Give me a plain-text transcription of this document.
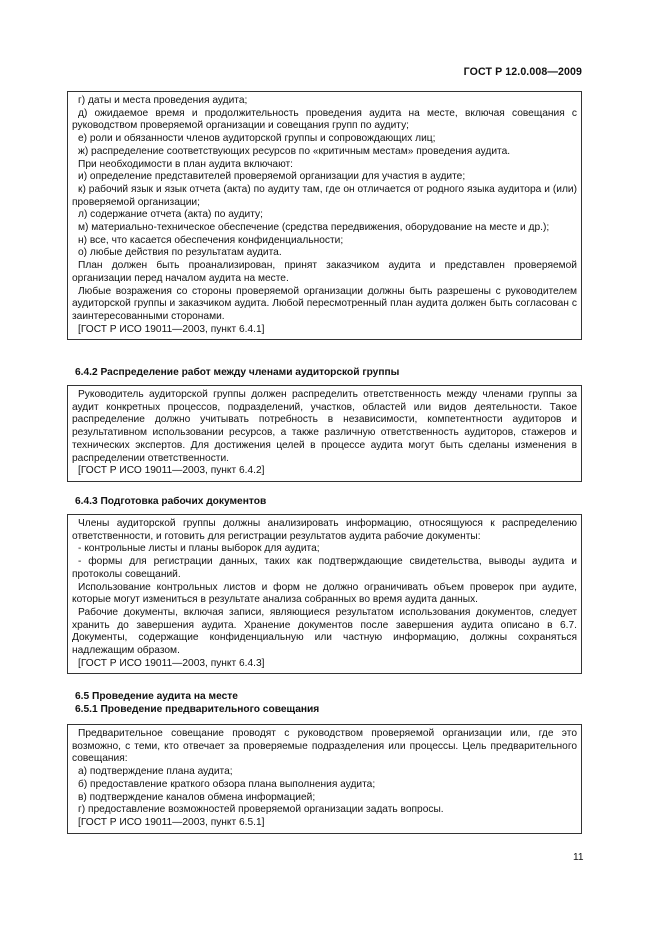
ГОСТ Р 12.0.008—2009

г) даты и места проведения аудита;

д) ожидаемое время и продолжительность проведения аудита на месте, включая совещания с руководством проверяемой организации и совещания групп по аудиту;

е) роли и обязанности членов аудиторской группы и сопровождающих лиц;

ж) распределение соответствующих ресурсов по «критичным местам» проведения аудита.

При необходимости в план аудита включают:

и) определение представителей проверяемой организации для участия в аудите;

к) рабочий язык и язык отчета (акта) по аудиту там, где он отличается от родного языка аудитора и (или) проверяемой организации;

л) содержание отчета (акта) по аудиту;

м) материально-техническое обеспечение (средства передвижения, оборудование на месте и др.);

н) все, что касается обеспечения конфиденциальности;

о) любые действия по результатам аудита.

План должен быть проанализирован, принят заказчиком аудита и представлен проверяемой организации перед началом аудита на месте.

Любые возражения со стороны проверяемой организации должны быть разрешены с руководителем аудиторской группы и заказчиком аудита. Любой пересмотренный план аудита должен быть согласован с заинтересованными сторонами.

[ГОСТ Р ИСО 19011—2003, пункт 6.4.1]

6.4.2 Распределение работ между членами аудиторской группы

Руководитель аудиторской группы должен распределить ответственность между членами группы за аудит конкретных процессов, подразделений, участков, областей или видов деятельности. Такое распределение должно учитывать потребность в независимости, компетентности аудиторов и результативном использовании ресурсов, а также различную ответственность аудиторов, стажеров и технических экспертов. Для достижения целей в процессе аудита могут быть сделаны изменения в распределении ответственности.

[ГОСТ Р ИСО 19011—2003, пункт 6.4.2]

6.4.3 Подготовка рабочих документов

Члены аудиторской группы должны анализировать информацию, относящуюся к распределению ответственности, и готовить для регистрации результатов аудита рабочие документы:

- контрольные листы и планы выборок для аудита;

- формы для регистрации данных, таких как подтверждающие свидетельства, выводы аудита и протоколы совещаний.

Использование контрольных листов и форм не должно ограничивать объем проверок при аудите, которые могут измениться в результате анализа собранных во время аудита данных.

Рабочие документы, включая записи, являющиеся результатом использования документов, следует хранить до завершения аудита. Хранение документов после завершения аудита описано в 6.7. Документы, содержащие конфиденциальную или частную информацию, должны сохраняться надлежащим образом.

[ГОСТ Р ИСО 19011—2003, пункт 6.4.3]

6.5 Проведение аудита на месте
6.5.1 Проведение предварительного совещания

Предварительное совещание проводят с руководством проверяемой организации или, где это возможно, с теми, кто отвечает за проверяемые подразделения или процессы. Цель предварительного совещания:

а) подтверждение плана аудита;

б) предоставление краткого обзора плана выполнения аудита;

в) подтверждение каналов обмена информацией;

г) предоставление возможностей проверяемой организации задать вопросы.

[ГОСТ Р ИСО 19011—2003, пункт 6.5.1]

11
